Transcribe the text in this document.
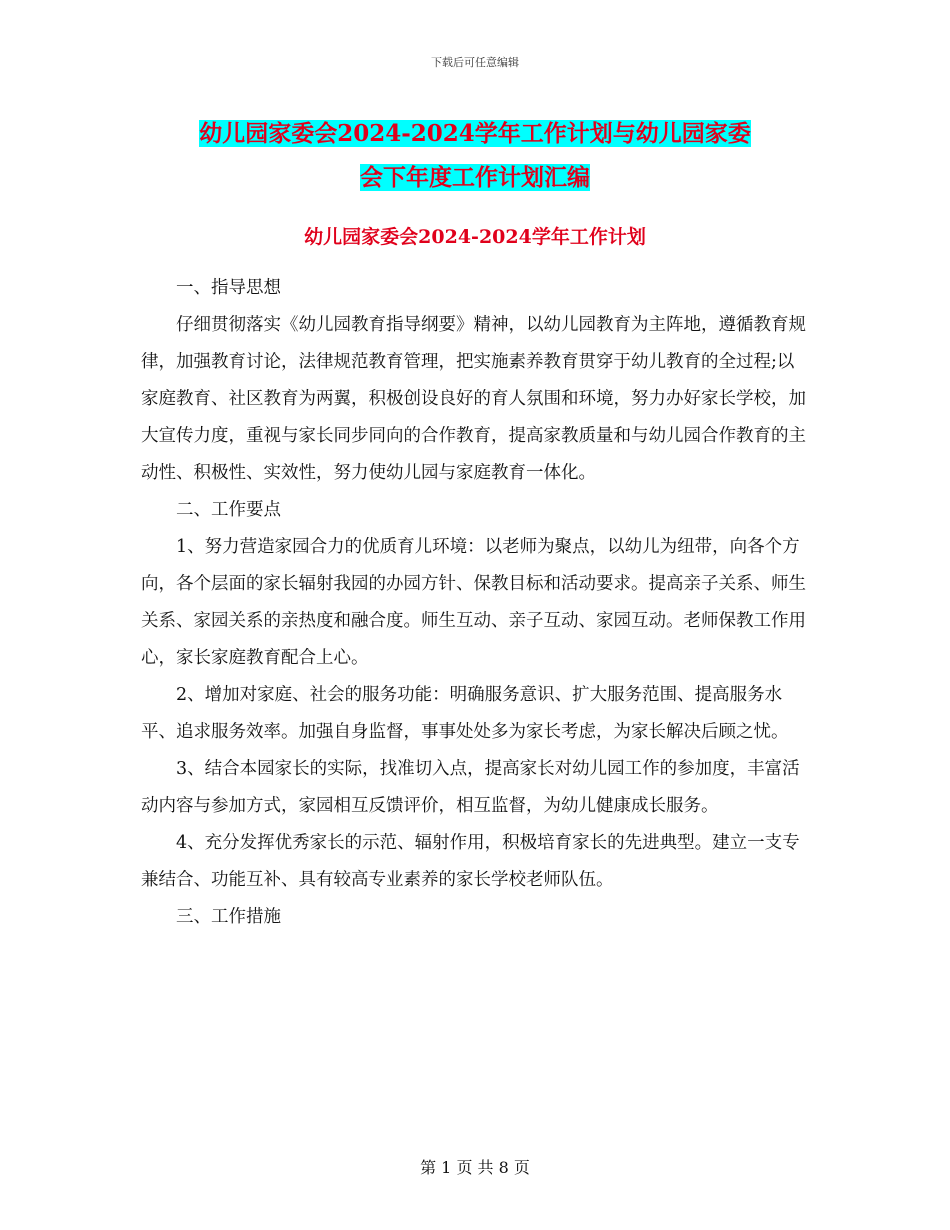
下载后可任意编辑
幼儿园家委会2024-2024学年工作计划与幼儿园家委
会下年度工作计划汇编
幼儿园家委会2024-2024学年工作计划

一、指导思想

仔细贯彻落实《幼儿园教育指导纲要》精神，以幼儿园教育为主阵地，遵循教育规律，加强教育讨论，法律规范教育管理，把实施素养教育贯穿于幼儿教育的全过程;以家庭教育、社区教育为两翼，积极创设良好的育人氛围和环境，努力办好家长学校，加大宣传力度，重视与家长同步同向的合作教育，提高家教质量和与幼儿园合作教育的主动性、积极性、实效性，努力使幼儿园与家庭教育一体化。

二、工作要点

1、努力营造家园合力的优质育儿环境：以老师为聚点，以幼儿为纽带，向各个方向，各个层面的家长辐射我园的办园方针、保教目标和活动要求。提高亲子关系、师生关系、家园关系的亲热度和融合度。师生互动、亲子互动、家园互动。老师保教工作用心，家长家庭教育配合上心。

2、增加对家庭、社会的服务功能：明确服务意识、扩大服务范围、提高服务水平、追求服务效率。加强自身监督，事事处处多为家长考虑，为家长解决后顾之忧。

3、结合本园家长的实际，找准切入点，提高家长对幼儿园工作的参加度，丰富活动内容与参加方式，家园相互反馈评价，相互监督，为幼儿健康成长服务。

4、充分发挥优秀家长的示范、辐射作用，积极培育家长的先进典型。建立一支专兼结合、功能互补、具有较高专业素养的家长学校老师队伍。

三、工作措施

第 1 页 共 8 页
